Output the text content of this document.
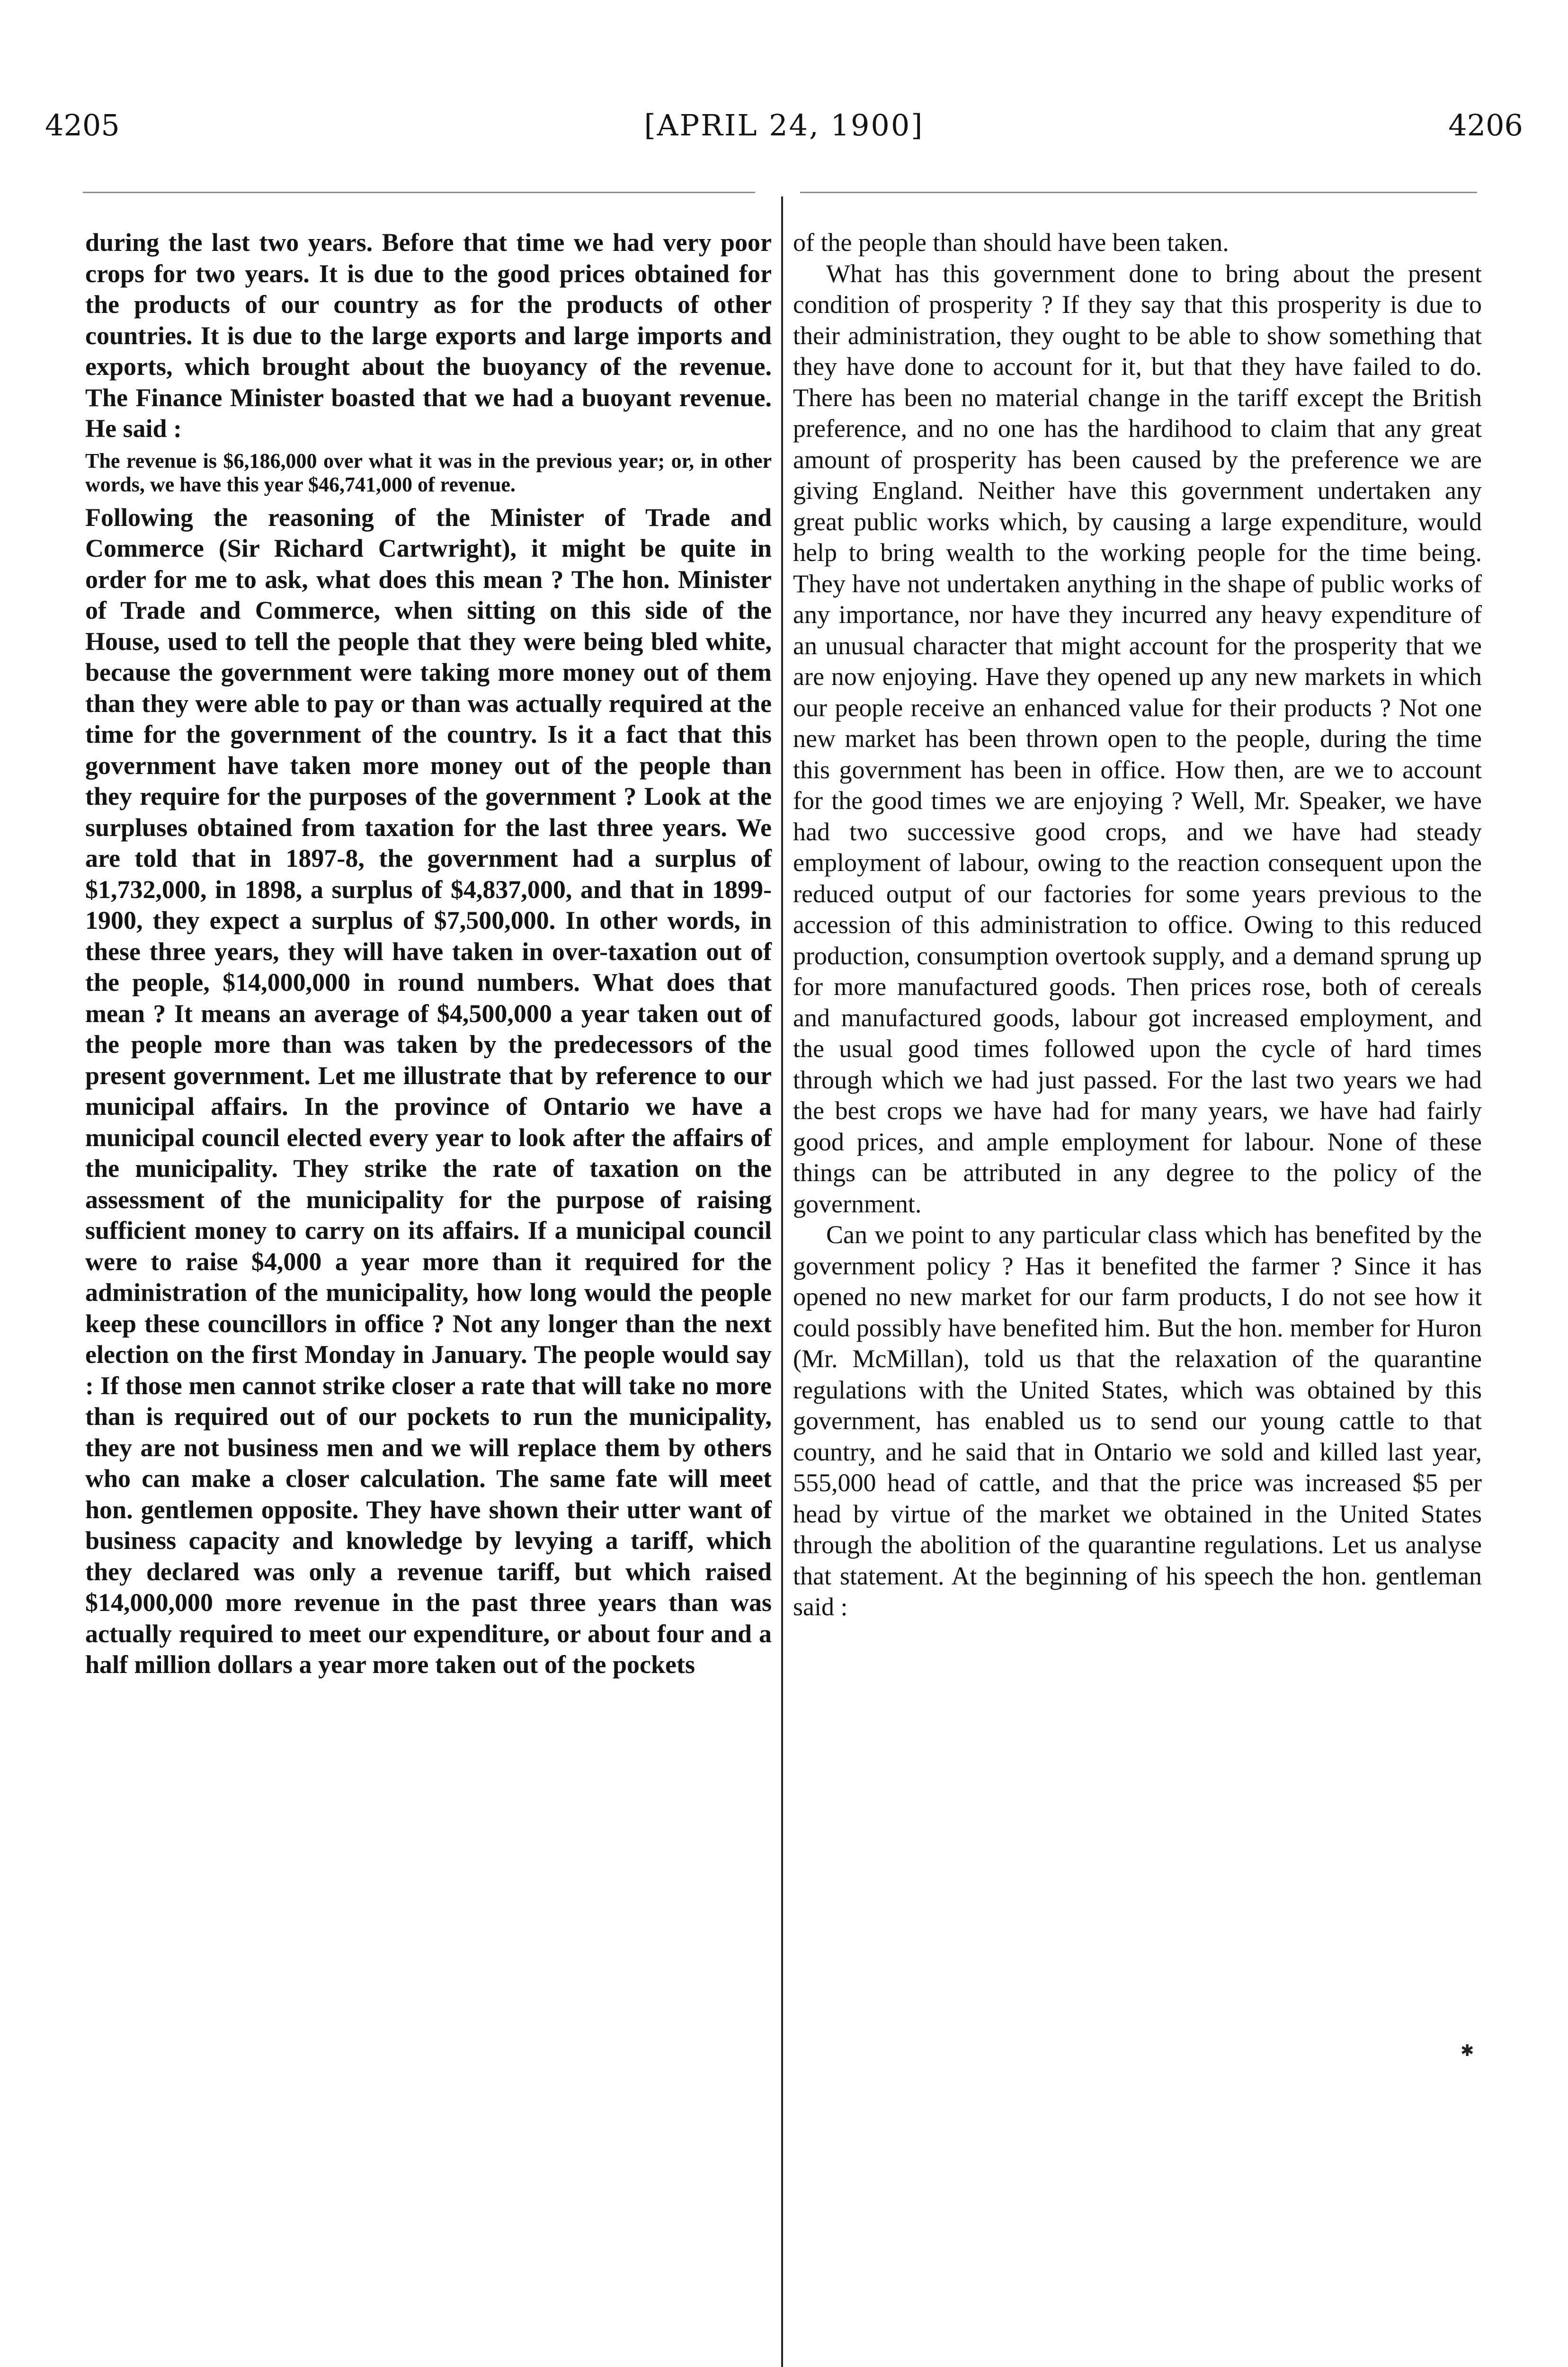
4205	[APRIL 24, 1900]	4206

during the last two years. Before that time we had very poor crops for two years. It is due to the good prices obtained for the products of our country as for the products of other countries. It is due to the large exports and large imports and exports, which brought about the buoyancy of the revenue. The Finance Minister boasted that we had a buoyant revenue. He said :

The revenue is $6,186,000 over what it was in the previous year; or, in other words, we have this year $46,741,000 of revenue.

Following the reasoning of the Minister of Trade and Commerce (Sir Richard Cartwright), it might be quite in order for me to ask, what does this mean ? The hon. Minister of Trade and Commerce, when sitting on this side of the House, used to tell the people that they were being bled white, because the government were taking more money out of them than they were able to pay or than was actually required at the time for the government of the country. Is it a fact that this government have taken more money out of the people than they require for the purposes of the government ? Look at the surpluses obtained from taxation for the last three years. We are told that in 1897-8, the government had a surplus of $1,732,000, in 1898, a surplus of $4,837,000, and that in 1899-1900, they expect a surplus of $7,500,000. In other words, in these three years, they will have taken in over-taxation out of the people, $14,000,000 in round numbers. What does that mean ? It means an average of $4,500,000 a year taken out of the people more than was taken by the predecessors of the present government. Let me illustrate that by reference to our municipal affairs. In the province of Ontario we have a municipal council elected every year to look after the affairs of the municipality. They strike the rate of taxation on the assessment of the municipality for the purpose of raising sufficient money to carry on its affairs. If a municipal council were to raise $4,000 a year more than it required for the administration of the municipality, how long would the people keep these councillors in office ? Not any longer than the next election on the first Monday in January. The people would say : If those men cannot strike closer a rate that will take no more than is required out of our pockets to run the municipality, they are not business men and we will replace them by others who can make a closer calculation. The same fate will meet hon. gentlemen opposite. They have shown their utter want of business capacity and knowledge by levying a tariff, which they declared was only a revenue tariff, but which raised $14,000,000 more revenue in the past three years than was actually required to meet our expenditure, or about four and a half million dollars a year more taken out of the pockets

of the people than should have been taken.

What has this government done to bring about the present condition of prosperity ? If they say that this prosperity is due to their administration, they ought to be able to show something that they have done to account for it, but that they have failed to do. There has been no material change in the tariff except the British preference, and no one has the hardihood to claim that any great amount of prosperity has been caused by the preference we are giving England. Neither have this government undertaken any great public works which, by causing a large expenditure, would help to bring wealth to the working people for the time being. They have not undertaken anything in the shape of public works of any importance, nor have they incurred any heavy expenditure of an unusual character that might account for the prosperity that we are now enjoying. Have they opened up any new markets in which our people receive an enhanced value for their products ? Not one new market has been thrown open to the people, during the time this government has been in office. How then, are we to account for the good times we are enjoying ? Well, Mr. Speaker, we have had two successive good crops, and we have had steady employment of labour, owing to the reaction consequent upon the reduced output of our factories for some years previous to the accession of this administration to office. Owing to this reduced production, consumption overtook supply, and a demand sprung up for more manufactured goods. Then prices rose, both of cereals and manufactured goods, labour got increased employment, and the usual good times followed upon the cycle of hard times through which we had just passed. For the last two years we had the best crops we have had for many years, we have had fairly good prices, and ample employment for labour. None of these things can be attributed in any degree to the policy of the government.

Can we point to any particular class which has benefited by the government policy ? Has it benefited the farmer ? Since it has opened no new market for our farm products, I do not see how it could possibly have benefited him. But the hon. member for Huron (Mr. McMillan), told us that the relaxation of the quarantine regulations with the United States, which was obtained by this government, has enabled us to send our young cattle to that country, and he said that in Ontario we sold and killed last year, 555,000 head of cattle, and that the price was increased $5 per head by virtue of the market we obtained in the United States through the abolition of the quarantine regulations. Let us analyse that statement. At the beginning of his speech the hon. gentleman said :

✱
